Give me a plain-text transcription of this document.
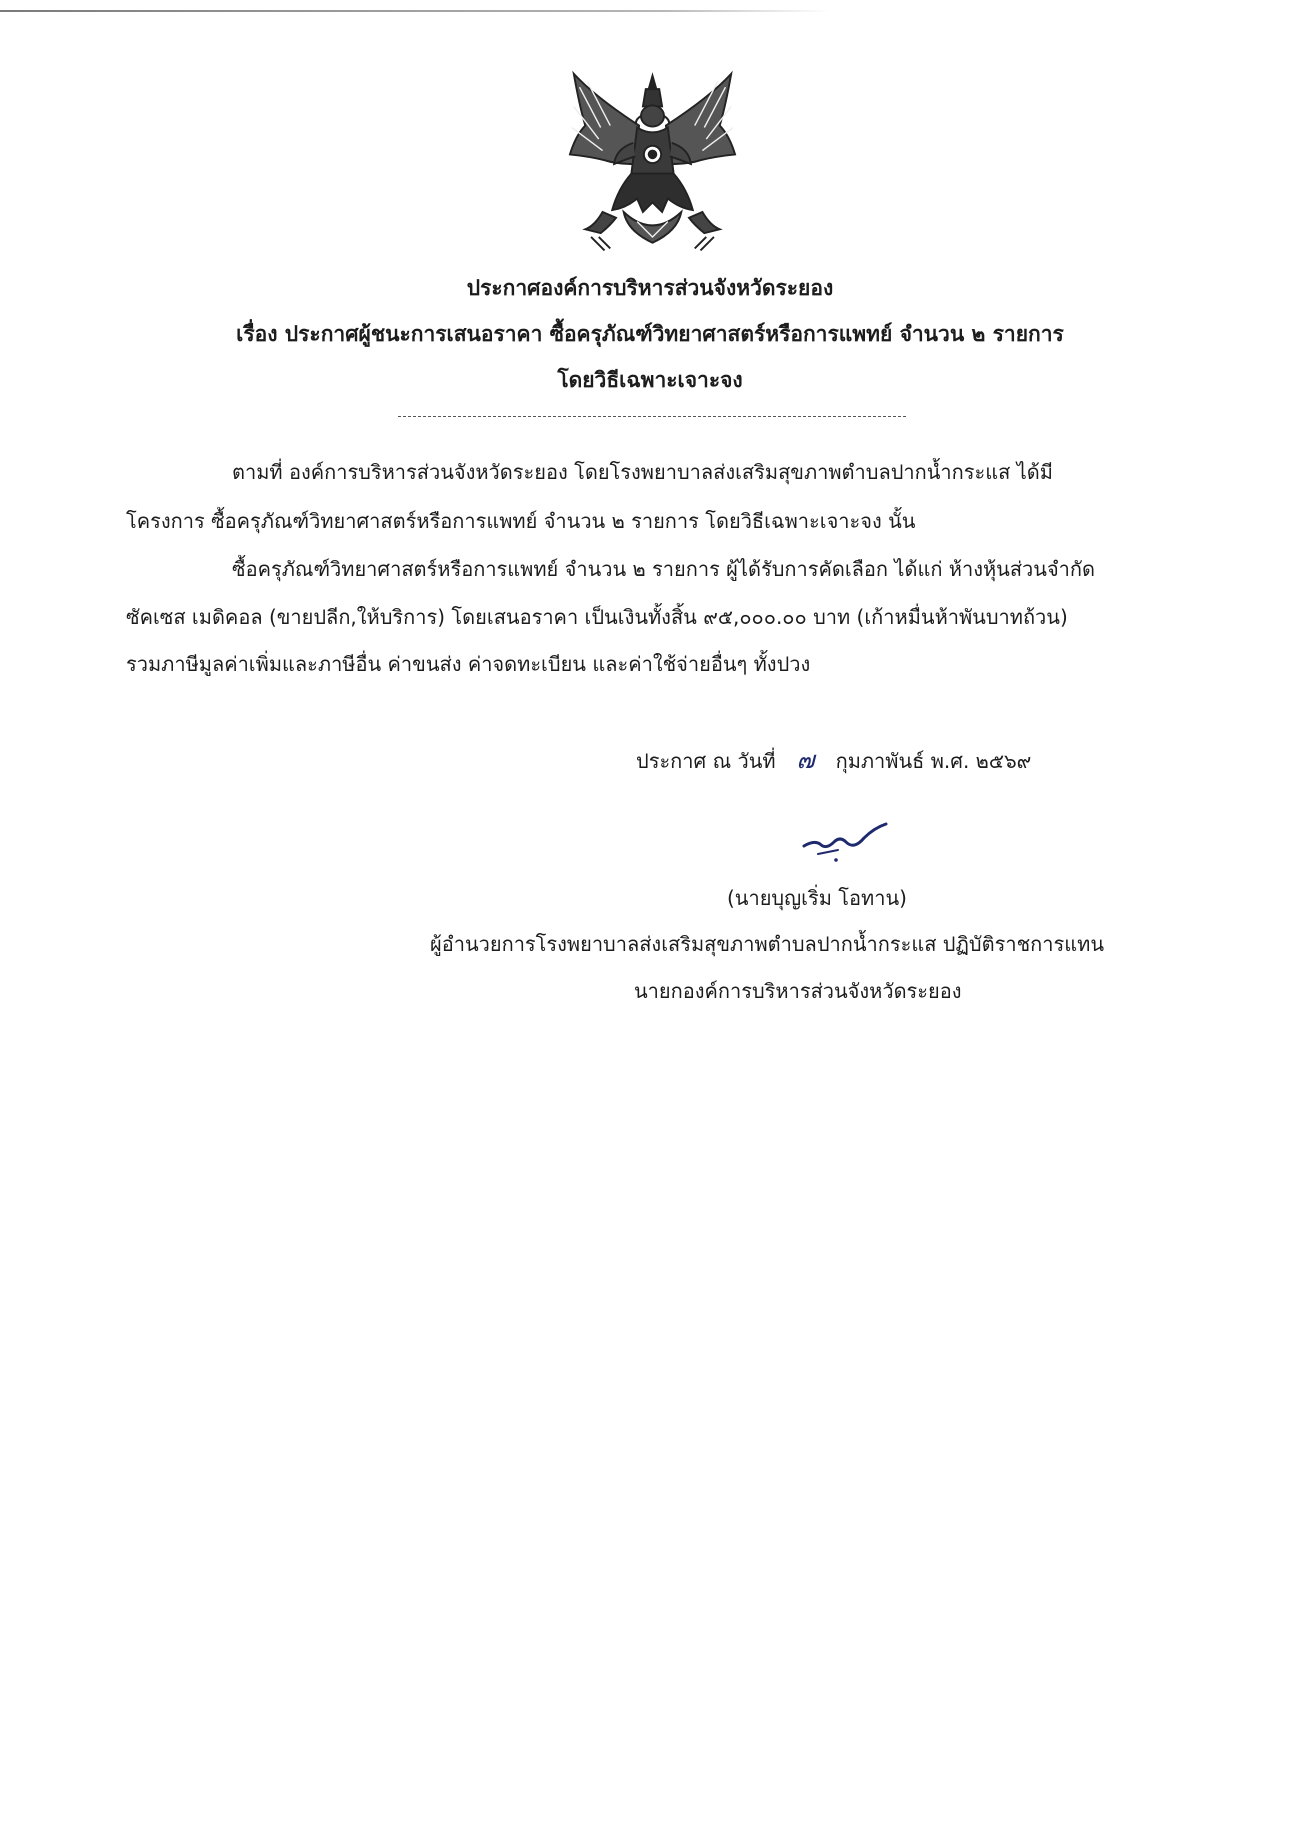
ประกาศองค์การบริหารส่วนจังหวัดระยอง
เรื่อง ประกาศผู้ชนะการเสนอราคา ซื้อครุภัณฑ์วิทยาศาสตร์หรือการแพทย์ จำนวน ๒ รายการ
โดยวิธีเฉพาะเจาะจง
ตามที่ องค์การบริหารส่วนจังหวัดระยอง โดยโรงพยาบาลส่งเสริมสุขภาพตำบลปากน้ำกระแส ได้มี
โครงการ ซื้อครุภัณฑ์วิทยาศาสตร์หรือการแพทย์ จำนวน ๒ รายการ โดยวิธีเฉพาะเจาะจง นั้น
ซื้อครุภัณฑ์วิทยาศาสตร์หรือการแพทย์ จำนวน ๒ รายการ ผู้ได้รับการคัดเลือก ได้แก่ ห้างหุ้นส่วนจำกัด
ซัคเซส เมดิคอล (ขายปลีก,ให้บริการ) โดยเสนอราคา เป็นเงินทั้งสิ้น ๙๕,๐๐๐.๐๐ บาท (เก้าหมื่นห้าพันบาทถ้วน)
รวมภาษีมูลค่าเพิ่มและภาษีอื่น ค่าขนส่ง ค่าจดทะเบียน และค่าใช้จ่ายอื่นๆ ทั้งปวง
ประกาศ ณ วันที่ ๗ กุมภาพันธ์ พ.ศ. ๒๕๖๙
(นายบุญเริ่ม โอทาน)
ผู้อำนวยการโรงพยาบาลส่งเสริมสุขภาพตำบลปากน้ำกระแส ปฏิบัติราชการแทน
นายกองค์การบริหารส่วนจังหวัดระยอง
